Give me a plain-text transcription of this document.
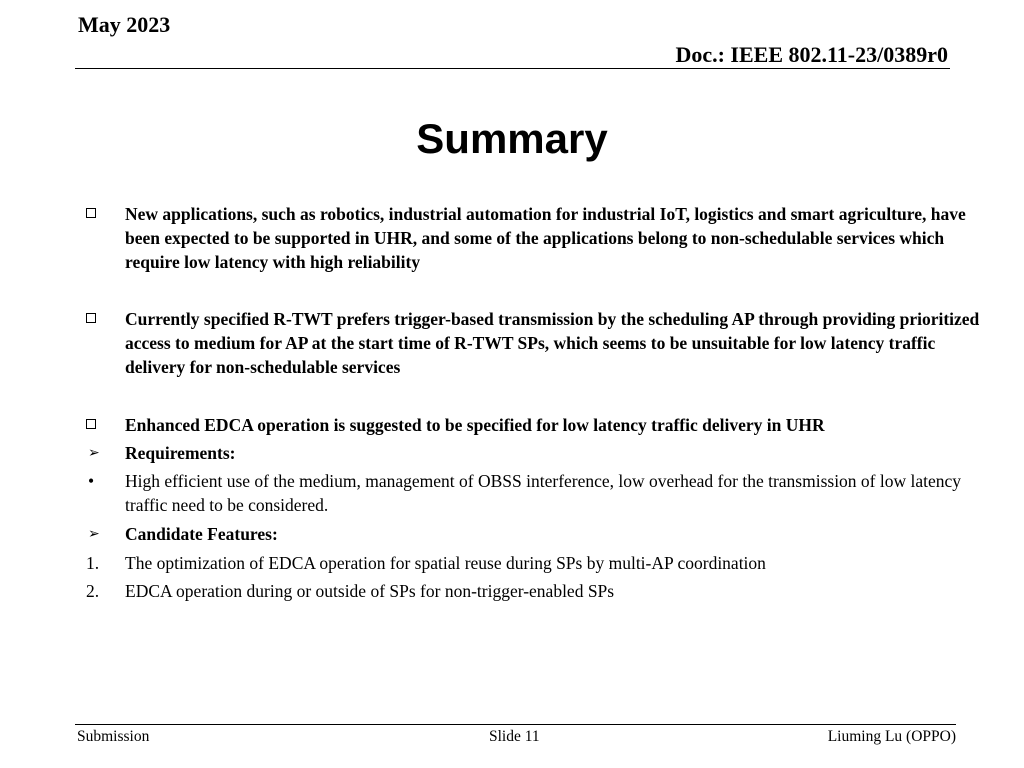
May 2023
Doc.: IEEE 802.11-23/0389r0
Summary
New applications, such as robotics, industrial automation for industrial IoT, logistics and smart agriculture, have been expected to be supported in UHR, and some of the applications belong to non-schedulable services which require low latency with high reliability
Currently specified R-TWT prefers trigger-based transmission by the scheduling AP through providing prioritized access to medium for AP at the start time of R-TWT SPs, which seems to be unsuitable for low latency traffic delivery for non-schedulable services
Enhanced EDCA operation is suggested to be specified for low latency traffic delivery in UHR
➢	Requirements:
•	High efficient use of the medium, management of OBSS interference, low overhead for the transmission of low latency traffic need to be considered.
➢	Candidate Features:
1.	The optimization of EDCA operation for spatial reuse during SPs by multi-AP coordination
2.	EDCA operation during or outside of SPs for non-trigger-enabled SPs
Submission	Slide 11	Liuming Lu (OPPO)
